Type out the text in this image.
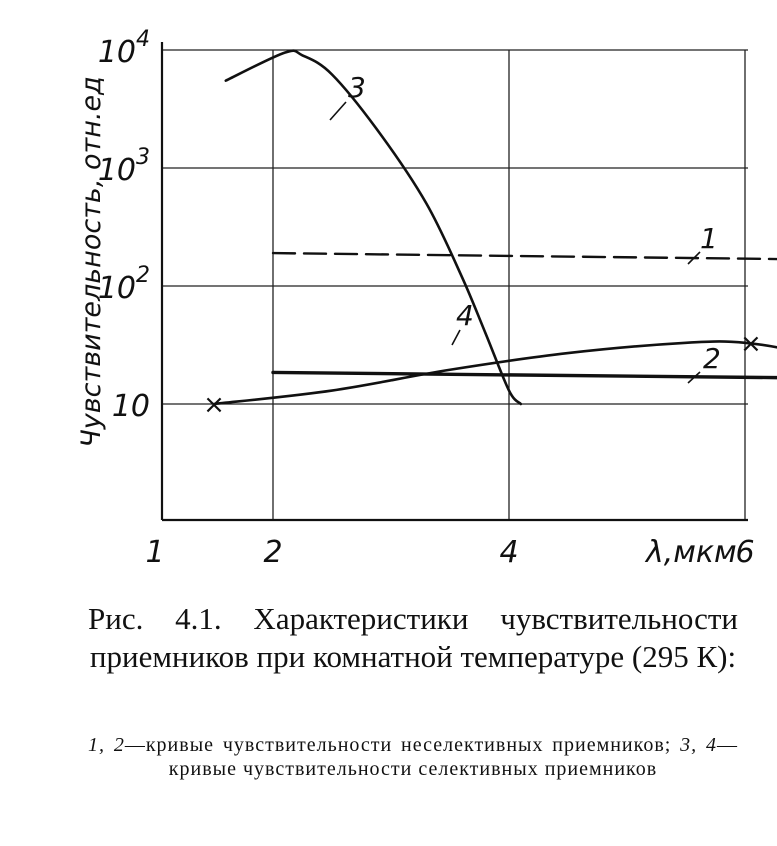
×
×
1	2	4	6
λ,мкм
$10^4$
$10^3$
$10^2$
10
Чувствительность, отн.ед	1
2
3
4
Рис. 4.1. Характеристики чувствительности приемников при комнатной температуре (295 К):
1, 2—кривые чувствительности неселективных приемников; 3, 4—кривые чувствительности селективных приемников
